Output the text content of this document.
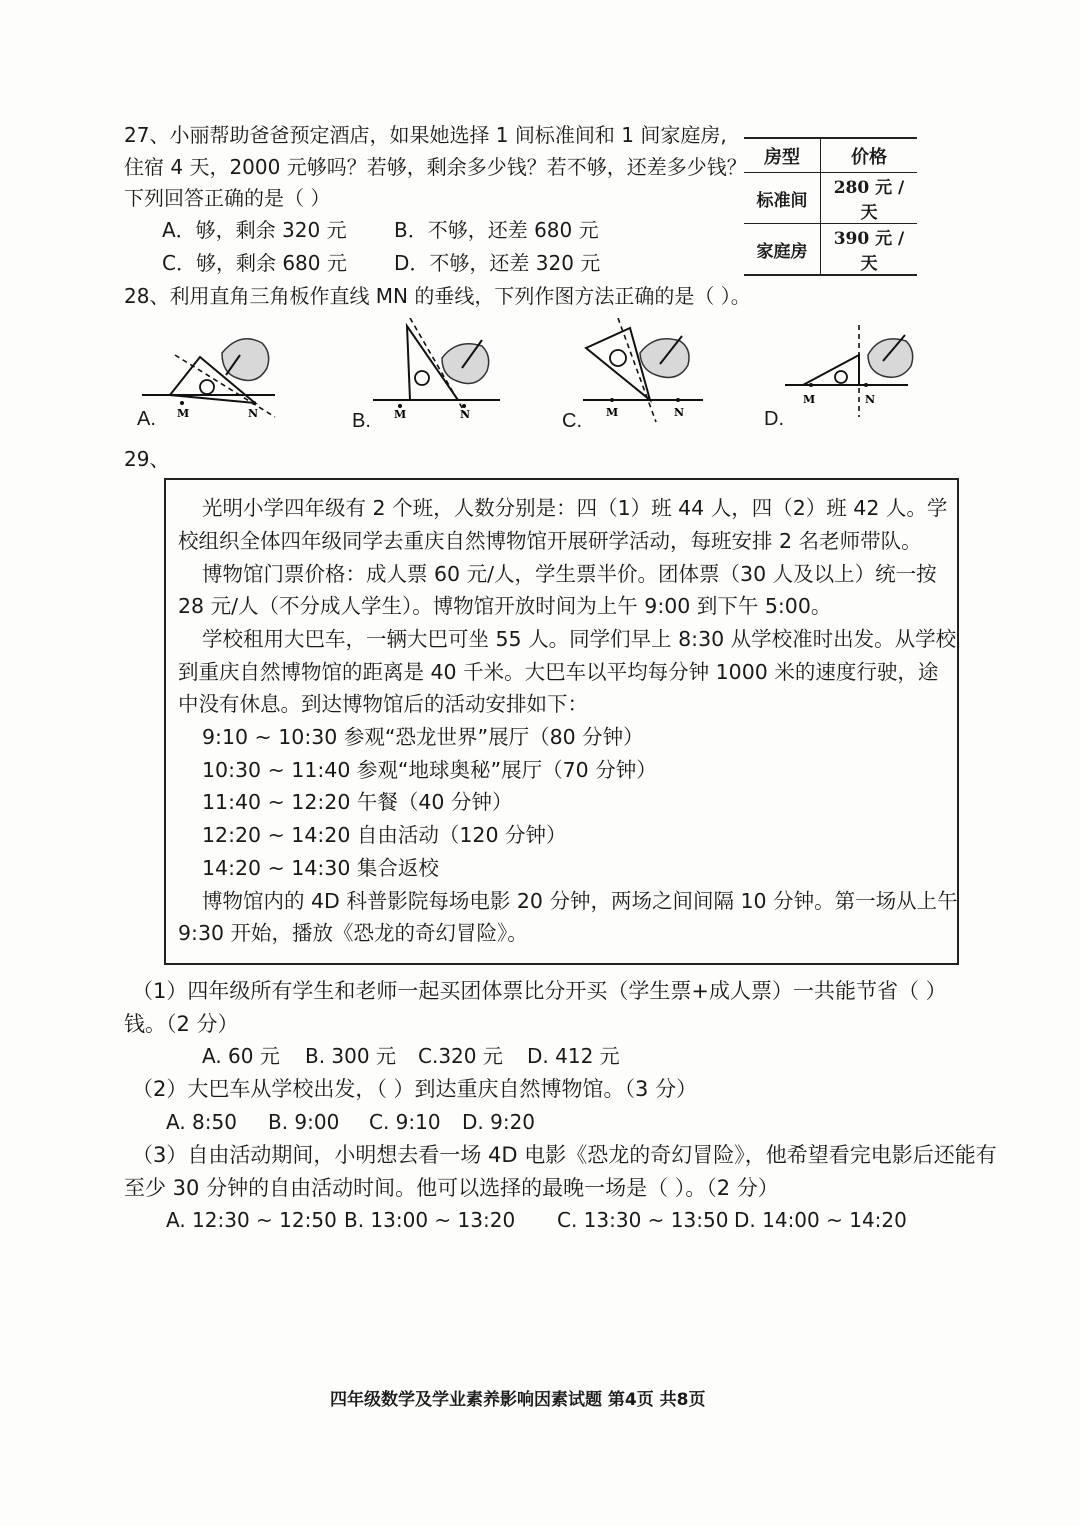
27、小丽帮助爸爸预定酒店，如果她选择 1 间标准间和 1 间家庭房,
住宿 4 天，2000 元够吗？若够，剩余多少钱？若不够，还差多少钱？
下列回答正确的是（ ）
A．够，剩余 320 元 B．不够，还差 680 元
C．够，剩余 680 元 D．不够，还差 320 元
房型	价格
标准间	280 元 / 天
家庭房	390 元 / 天
28、利用直角三角板作直线 MN 的垂线，下列作图方法正确的是（ ）。
M	N
A.	M	N
B.	M	N
C.
M	N
D.
29、
光明小学四年级有 2 个班，人数分别是：四（1）班 44 人，四（2）班 42 人。学
校组织全体四年级同学去重庆自然博物馆开展研学活动，每班安排 2 名老师带队。
博物馆门票价格：成人票 60 元/人，学生票半价。团体票（30 人及以上）统一按
28 元/人（不分成人学生）。博物馆开放时间为上午 9:00 到下午 5:00。
学校租用大巴车，一辆大巴可坐 55 人。同学们早上 8:30 从学校准时出发。从学校
到重庆自然博物馆的距离是 40 千米。大巴车以平均每分钟 1000 米的速度行驶，途
中没有休息。到达博物馆后的活动安排如下：
9:10 ~ 10:30 参观“恐龙世界”展厅（80 分钟）
10:30 ~ 11:40 参观“地球奥秘”展厅（70 分钟）
11:40 ~ 12:20 午餐（40 分钟）
12:20 ~ 14:20 自由活动（120 分钟）
14:20 ~ 14:30 集合返校
博物馆内的 4D 科普影院每场电影 20 分钟，两场之间间隔 10 分钟。第一场从上午
9:30 开始，播放《恐龙的奇幻冒险》。
（1）四年级所有学生和老师一起买团体票比分开买（学生票+成人票）一共能节省（ ）
钱。（2 分）
A. 60 元 B. 300 元 C.320 元 D. 412 元
（2）大巴车从学校出发，（ ）到达重庆自然博物馆。（3 分）
A. 8:50 B. 9:00 C. 9:10 D. 9:20
（3）自由活动期间，小明想去看一场 4D 电影《恐龙的奇幻冒险》，他希望看完电影后还能有
至少 30 分钟的自由活动时间。他可以选择的最晚一场是（ ）。（2 分）
A. 12:30 ~ 12:50 B. 13:00 ~ 13:20 C. 13:30 ~ 13:50 D. 14:00 ~ 14:20
四年级数学及学业素养影响因素试题 第4页 共8页
